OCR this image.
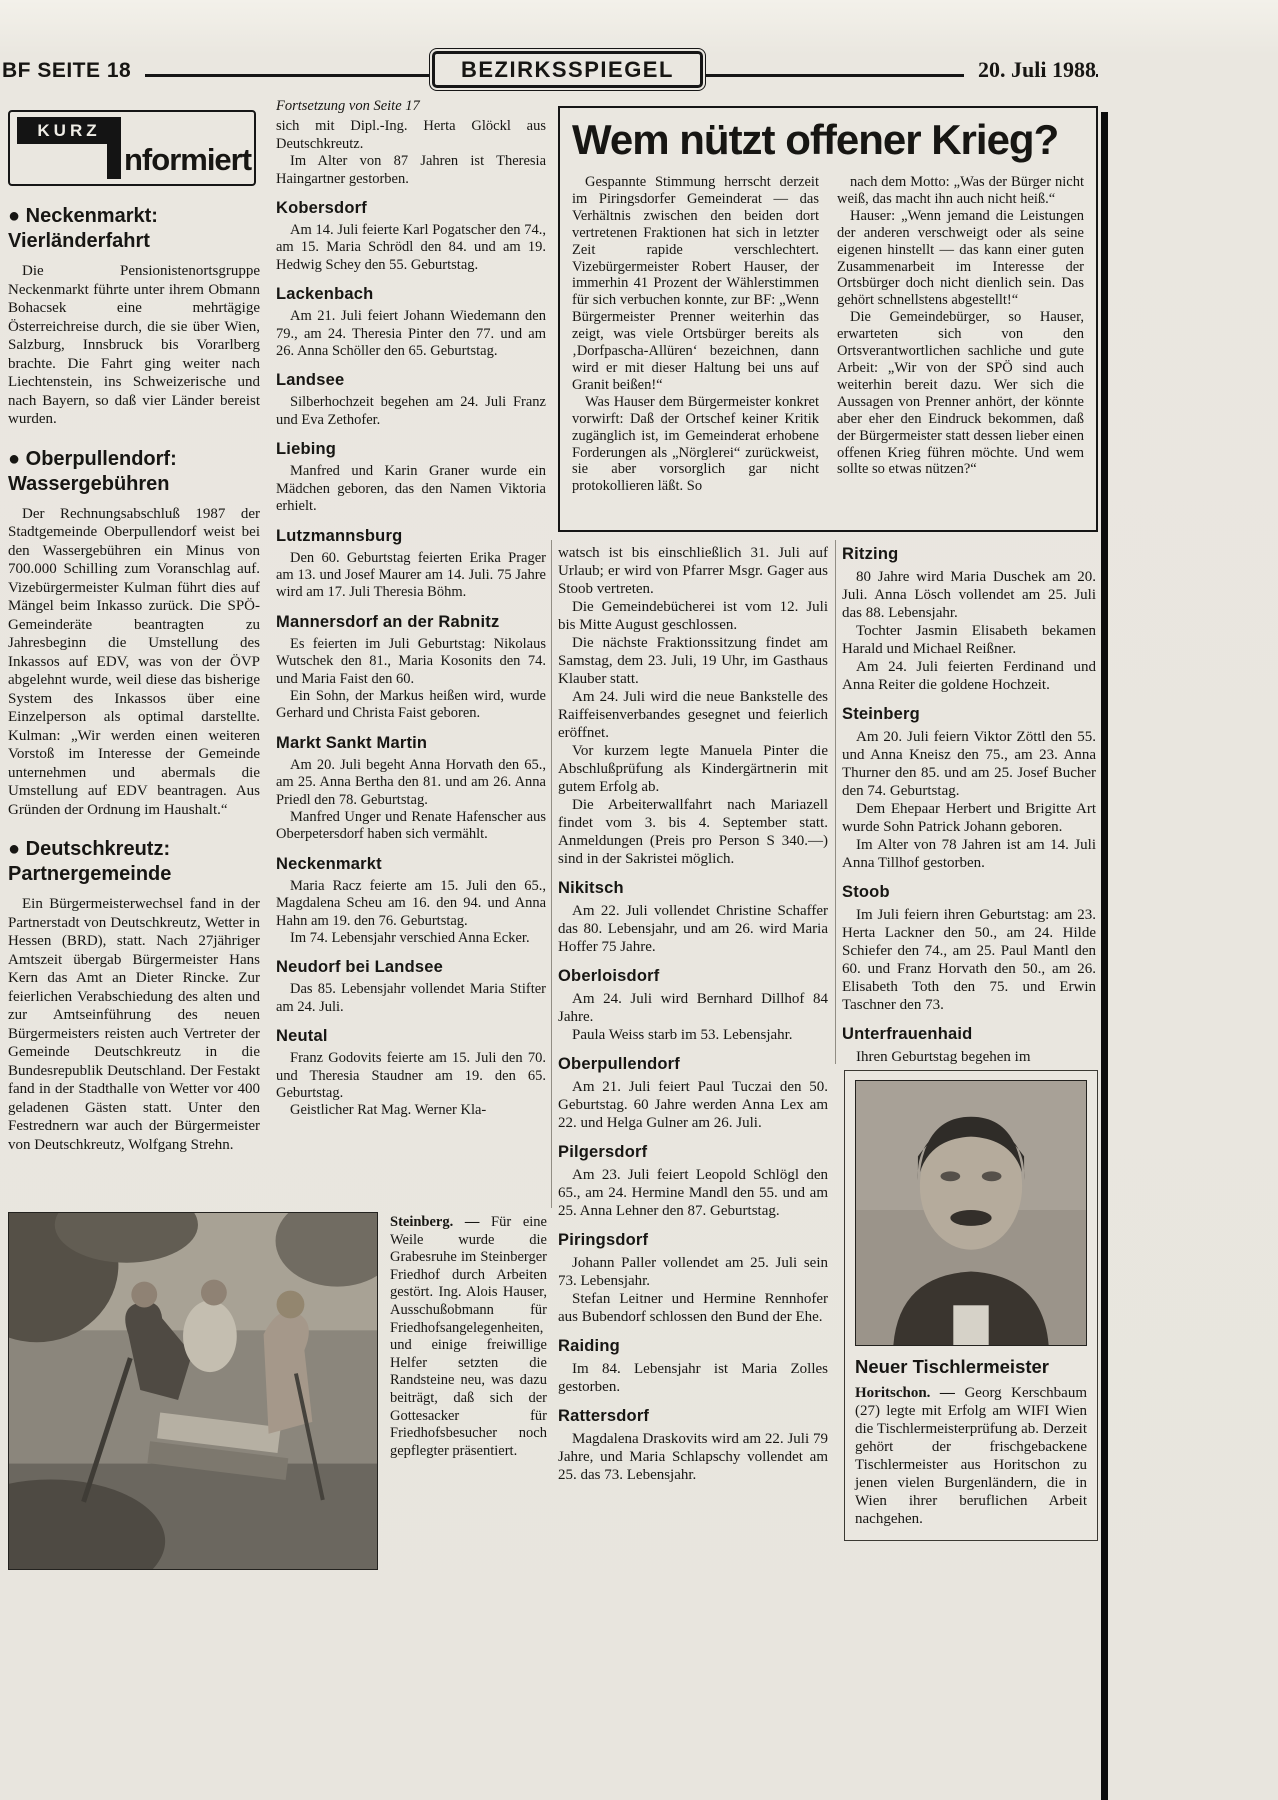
BF SEITE 18	BEZIRKSSPIEGEL	20. Juli 1988
KURZ
nformiert
● Neckenmarkt:
Vierländerfahrt

Die Pensionistenortsgruppe Neckenmarkt führte unter ihrem Obmann Bohacsek eine mehrtägige Österreichreise durch, die sie über Wien, Salzburg, Innsbruck bis Vorarlberg brachte. Die Fahrt ging weiter nach Liechtenstein, ins Schweizerische und nach Bayern, so daß vier Länder bereist wurden.

● Oberpullendorf:
Wassergebühren

Der Rechnungsabschluß 1987 der Stadtgemeinde Oberpullendorf weist bei den Wassergebühren ein Minus von 700.000 Schilling zum Voranschlag auf. Vizebürgermeister Kulman führt dies auf Mängel beim Inkasso zurück. Die SPÖ-Gemeinderäte beantragten zu Jahresbeginn die Umstellung des Inkassos auf EDV, was von der ÖVP abgelehnt wurde, weil diese das bisherige System des Inkassos über eine Einzelperson als optimal darstellte. Kulman: „Wir werden einen weiteren Vorstoß im Interesse der Gemeinde unternehmen und abermals die Umstellung auf EDV beantragen. Aus Gründen der Ordnung im Haushalt.“

● Deutschkreutz:
Partnergemeinde

Ein Bürgermeisterwechsel fand in der Partnerstadt von Deutschkreutz, Wetter in Hessen (BRD), statt. Nach 27jähriger Amtszeit übergab Bürgermeister Hans Kern das Amt an Dieter Rincke. Zur feierlichen Verabschiedung des alten und zur Amtseinführung des neuen Bürgermeisters reisten auch Vertreter der Gemeinde Deutschkreutz in die Bundesrepublik Deutschland. Der Festakt fand in der Stadthalle von Wetter vor 400 geladenen Gästen statt. Unter den Festrednern war auch der Bürgermeister von Deutschkreutz, Wolfgang Strehn.

Fortsetzung von Seite 17

sich mit Dipl.-Ing. Herta Glöckl aus Deutschkreutz.

Im Alter von 87 Jahren ist Theresia Haingartner gestorben.

Kobersdorf

Am 14. Juli feierte Karl Pogatscher den 74., am 15. Maria Schrödl den 84. und am 19. Hedwig Schey den 55. Geburtstag.

Lackenbach

Am 21. Juli feiert Johann Wiedemann den 79., am 24. Theresia Pinter den 77. und am 26. Anna Schöller den 65. Geburtstag.

Landsee

Silberhochzeit begehen am 24. Juli Franz und Eva Zethofer.

Liebing

Manfred und Karin Graner wurde ein Mädchen geboren, das den Namen Viktoria erhielt.

Lutzmannsburg

Den 60. Geburtstag feierten Erika Prager am 13. und Josef Maurer am 14. Juli. 75 Jahre wird am 17. Juli Theresia Böhm.

Mannersdorf an der Rabnitz

Es feierten im Juli Geburtstag: Nikolaus Wutschek den 81., Maria Kosonits den 74. und Maria Faist den 60.

Ein Sohn, der Markus heißen wird, wurde Gerhard und Christa Faist geboren.

Markt Sankt Martin

Am 20. Juli begeht Anna Horvath den 65., am 25. Anna Bertha den 81. und am 26. Anna Priedl den 78. Geburtstag.

Manfred Unger und Renate Hafenscher aus Oberpetersdorf haben sich vermählt.

Neckenmarkt

Maria Racz feierte am 15. Juli den 65., Magdalena Scheu am 16. den 94. und Anna Hahn am 19. den 76. Geburtstag.

Im 74. Lebensjahr verschied Anna Ecker.

Neudorf bei Landsee

Das 85. Lebensjahr vollendet Maria Stifter am 24. Juli.

Neutal

Franz Godovits feierte am 15. Juli den 70. und Theresia Staudner am 19. den 65. Geburtstag.

Geistlicher Rat Mag. Werner Kla-

Wem nützt offener Krieg?

Gespannte Stimmung herrscht derzeit im Piringsdorfer Gemeinderat — das Verhältnis zwischen den beiden dort vertretenen Fraktionen hat sich in letzter Zeit rapide verschlechtert. Vizebürgermeister Robert Hauser, der immerhin 41 Prozent der Wählerstimmen für sich verbuchen konnte, zur BF: „Wenn Bürgermeister Prenner weiterhin das zeigt, was viele Ortsbürger bereits als ‚Dorfpascha-Allüren‘ bezeichnen, dann wird er mit dieser Haltung bei uns auf Granit beißen!“

Was Hauser dem Bürgermeister konkret vorwirft: Daß der Ortschef keiner Kritik zugänglich ist, im Gemeinderat erhobene Forderungen als „Nörglerei“ zurückweist, sie aber vorsorglich gar nicht protokollieren läßt. So

nach dem Motto: „Was der Bürger nicht weiß, das macht ihn auch nicht heiß.“

Hauser: „Wenn jemand die Leistungen der anderen verschweigt oder als seine eigenen hinstellt — das kann einer guten Zusammenarbeit im Interesse der Ortsbürger doch nicht dienlich sein. Das gehört schnellstens abgestellt!“

Die Gemeindebürger, so Hauser, erwarteten sich von den Ortsverantwortlichen sachliche und gute Arbeit: „Wir von der SPÖ sind auch weiterhin bereit dazu. Wer sich die Aussagen von Prenner anhört, der könnte aber eher den Eindruck bekommen, daß der Bürgermeister statt dessen lieber einen offenen Krieg führen möchte. Und wem sollte so etwas nützen?“

watsch ist bis einschließlich 31. Juli auf Urlaub; er wird von Pfarrer Msgr. Gager aus Stoob vertreten.

Die Gemeindebücherei ist vom 12. Juli bis Mitte August geschlossen.

Die nächste Fraktionssitzung findet am Samstag, dem 23. Juli, 19 Uhr, im Gasthaus Klauber statt.

Am 24. Juli wird die neue Bankstelle des Raiffeisenverbandes gesegnet und feierlich eröffnet.

Vor kurzem legte Manuela Pinter die Abschlußprüfung als Kindergärtnerin mit gutem Erfolg ab.

Die Arbeiterwallfahrt nach Mariazell findet vom 3. bis 4. September statt. Anmeldungen (Preis pro Person S 340.—) sind in der Sakristei möglich.

Nikitsch

Am 22. Juli vollendet Christine Schaffer das 80. Lebensjahr, und am 26. wird Maria Hoffer 75 Jahre.

Oberloisdorf

Am 24. Juli wird Bernhard Dillhof 84 Jahre.

Paula Weiss starb im 53. Lebensjahr.

Oberpullendorf

Am 21. Juli feiert Paul Tuczai den 50. Geburtstag. 60 Jahre werden Anna Lex am 22. und Helga Gulner am 26. Juli.

Pilgersdorf

Am 23. Juli feiert Leopold Schlögl den 65., am 24. Hermine Mandl den 55. und am 25. Anna Lehner den 87. Geburtstag.

Piringsdorf

Johann Paller vollendet am 25. Juli sein 73. Lebensjahr.

Stefan Leitner und Hermine Rennhofer aus Bubendorf schlossen den Bund der Ehe.

Raiding

Im 84. Lebensjahr ist Maria Zolles gestorben.

Rattersdorf

Magdalena Draskovits wird am 22. Juli 79 Jahre, und Maria Schlapschy vollendet am 25. das 73. Lebensjahr.

Ritzing

80 Jahre wird Maria Duschek am 20. Juli. Anna Lösch vollendet am 25. Juli das 88. Lebensjahr.

Tochter Jasmin Elisabeth bekamen Harald und Michael Reißner.

Am 24. Juli feierten Ferdinand und Anna Reiter die goldene Hochzeit.

Steinberg

Am 20. Juli feiern Viktor Zöttl den 55. und Anna Kneisz den 75., am 23. Anna Thurner den 85. und am 25. Josef Bucher den 74. Geburtstag.

Dem Ehepaar Herbert und Brigitte Art wurde Sohn Patrick Johann geboren.

Im Alter von 78 Jahren ist am 14. Juli Anna Tillhof gestorben.

Stoob

Im Juli feiern ihren Geburtstag: am 23. Herta Lackner den 50., am 24. Hilde Schiefer den 74., am 25. Paul Mantl den 60. und Franz Horvath den 50., am 26. Elisabeth Toth den 75. und Erwin Taschner den 73.

Unterfrauenhaid

Ihren Geburtstag begehen im

Steinberg. — Für eine Weile wurde die Grabesruhe im Steinberger Friedhof durch Arbeiten gestört. Ing. Alois Hauser, Ausschußobmann für Friedhofsangelegenheiten, und einige freiwillige Helfer setzten die Randsteine neu, was dazu beiträgt, daß sich der Gottesacker für Friedhofsbesucher noch gepflegter präsentiert.

Neuer Tischlermeister

Horitschon. — Georg Kerschbaum (27) legte mit Erfolg am WIFI Wien die Tischlermeisterprüfung ab. Derzeit gehört der frischgebackene Tischlermeister aus Horitschon zu jenen vielen Burgenländern, die in Wien ihrer beruflichen Arbeit nachgehen.
